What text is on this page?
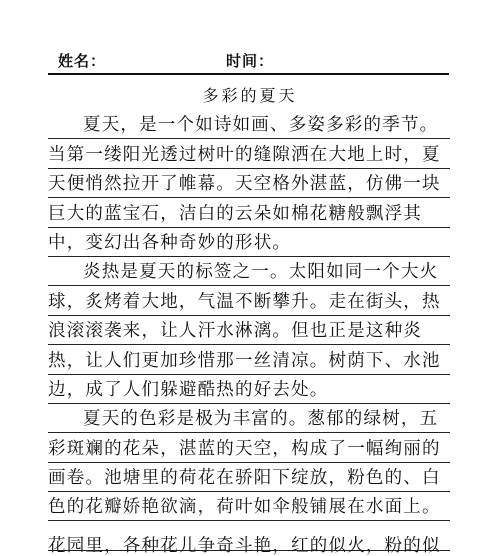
姓名：	时间：
多彩的夏天
夏天，是一个如诗如画、多姿多彩的季节。
当第一缕阳光透过树叶的缝隙洒在大地上时，夏
天便悄然拉开了帷幕。天空格外湛蓝，仿佛一块
巨大的蓝宝石，洁白的云朵如棉花糖般飘浮其
中，变幻出各种奇妙的形状。
炎热是夏天的标签之一。太阳如同一个大火
球，炙烤着大地，气温不断攀升。走在街头，热
浪滚滚袭来，让人汗水淋漓。但也正是这种炎
热，让人们更加珍惜那一丝清凉。树荫下、水池
边，成了人们躲避酷热的好去处。
夏天的色彩是极为丰富的。葱郁的绿树，五
彩斑斓的花朵，湛蓝的天空，构成了一幅绚丽的
画卷。池塘里的荷花在骄阳下绽放，粉色的、白
色的花瓣娇艳欲滴，荷叶如伞般铺展在水面上。
花园里，各种花儿争奇斗艳，红的似火，粉的似
